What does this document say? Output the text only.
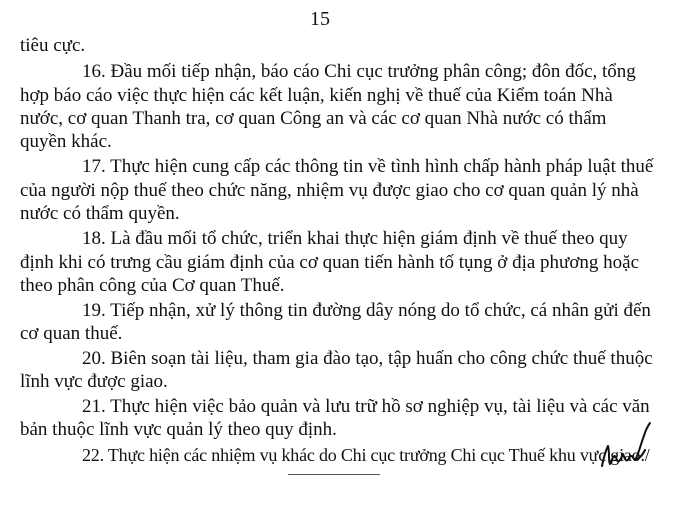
15
tiêu cực.
16. Đầu mối tiếp nhận, báo cáo Chi cục trưởng phân công; đôn đốc, tổng
hợp báo cáo việc thực hiện các kết luận, kiến nghị về thuế của Kiểm toán Nhà
nước, cơ quan Thanh tra, cơ quan Công an và các cơ quan Nhà nước có thẩm
quyền khác.
17. Thực hiện cung cấp các thông tin về tình hình chấp hành pháp luật thuế
của người nộp thuế theo chức năng, nhiệm vụ được giao cho cơ quan quản lý nhà
nước có thẩm quyền.
18. Là đầu mối tổ chức, triển khai thực hiện giám định về thuế theo quy
định khi có trưng cầu giám định của cơ quan tiến hành tố tụng ở địa phương hoặc
theo phân công của Cơ quan Thuế.
19. Tiếp nhận, xử lý thông tin đường dây nóng do tổ chức, cá nhân gửi đến
cơ quan thuế.
20. Biên soạn tài liệu, tham gia đào tạo, tập huấn cho công chức thuế thuộc
lĩnh vực được giao.
21. Thực hiện việc bảo quản và lưu trữ hồ sơ nghiệp vụ, tài liệu và các văn
bản thuộc lĩnh vực quản lý theo quy định.
22. Thực hiện các nhiệm vụ khác do Chi cục trưởng Chi cục Thuế khu vực giao./
